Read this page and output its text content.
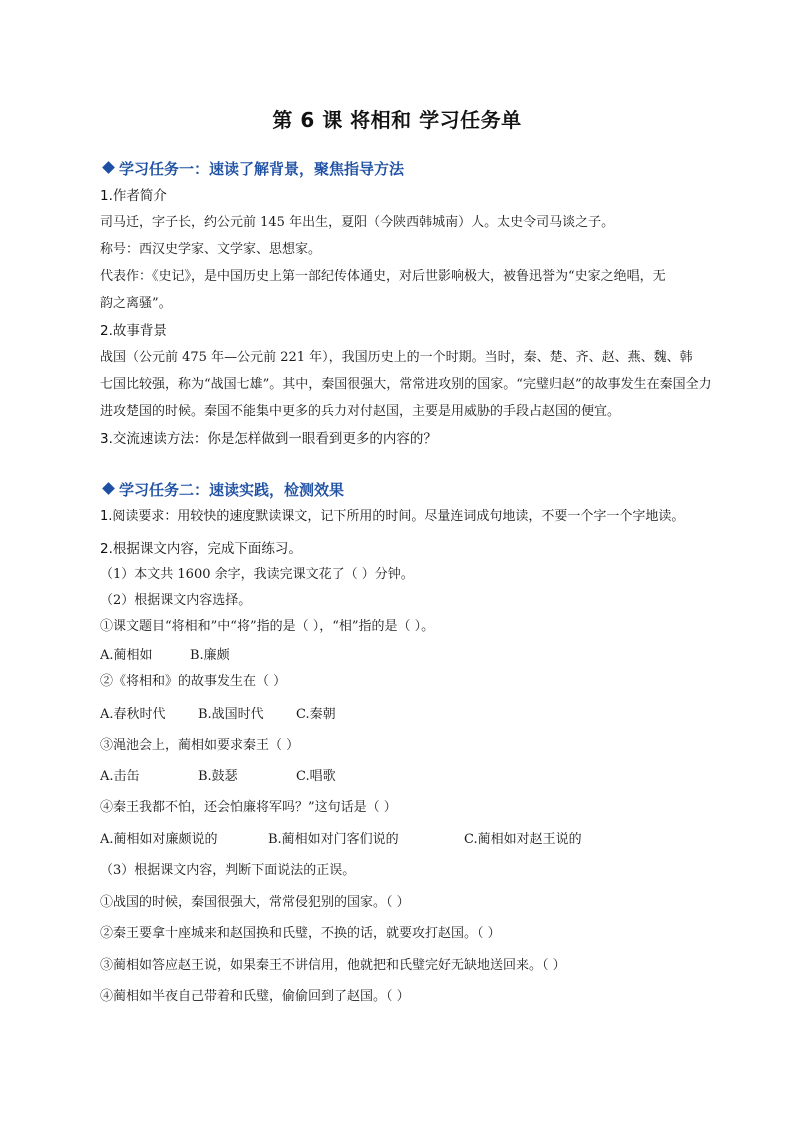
第 6 课 将相和 学习任务单
学习任务一：速读了解背景，聚焦指导方法
1.作者简介
司马迁，字子长，约公元前 145 年出生，夏阳（今陕西韩城南）人。太史令司马谈之子。
称号：西汉史学家、文学家、思想家。
代表作：《史记》，是中国历史上第一部纪传体通史，对后世影响极大，被鲁迅誉为“史家之绝唱，无
韵之离骚”。
2.故事背景
战国（公元前 475 年—公元前 221 年），我国历史上的一个时期。当时，秦、楚、齐、赵、燕、魏、韩
七国比较强，称为“战国七雄”。其中，秦国很强大，常常进攻别的国家。“完璧归赵”的故事发生在秦国全力
进攻楚国的时候。秦国不能集中更多的兵力对付赵国，主要是用威胁的手段占赵国的便宜。
3.交流速读方法：你是怎样做到一眼看到更多的内容的？
学习任务二：速读实践，检测效果
1.阅读要求：用较快的速度默读课文，记下所用的时间。尽量连词成句地读，不要一个字一个字地读。
2.根据课文内容，完成下面练习。
（1）本文共 1600 余字，我读完课文花了（ ）分钟。
（2）根据课文内容选择。
①课文题目“将相和”中“将”指的是（ ），“相”指的是（ ）。
A.蔺相如	B.廉颇
②《将相和》的故事发生在（ ）
A.春秋时代 B.战国时代 C.秦朝
③渑池会上，蔺相如要求秦王（ ）
A.击缶	B.鼓瑟	C.唱歌
④秦王我都不怕，还会怕廉将军吗？”这句话是（ ）
A.蔺相如对廉颇说的	B.蔺相如对门客们说的	C.蔺相如对赵王说的
（3）根据课文内容，判断下面说法的正误。
①战国的时候，秦国很强大，常常侵犯别的国家。（ ）
②秦王要拿十座城来和赵国换和氏璧，不换的话，就要攻打赵国。（ ）
③蔺相如答应赵王说，如果秦王不讲信用，他就把和氏璧完好无缺地送回来。（ ）
④蔺相如半夜自己带着和氏璧，偷偷回到了赵国。（ ）
